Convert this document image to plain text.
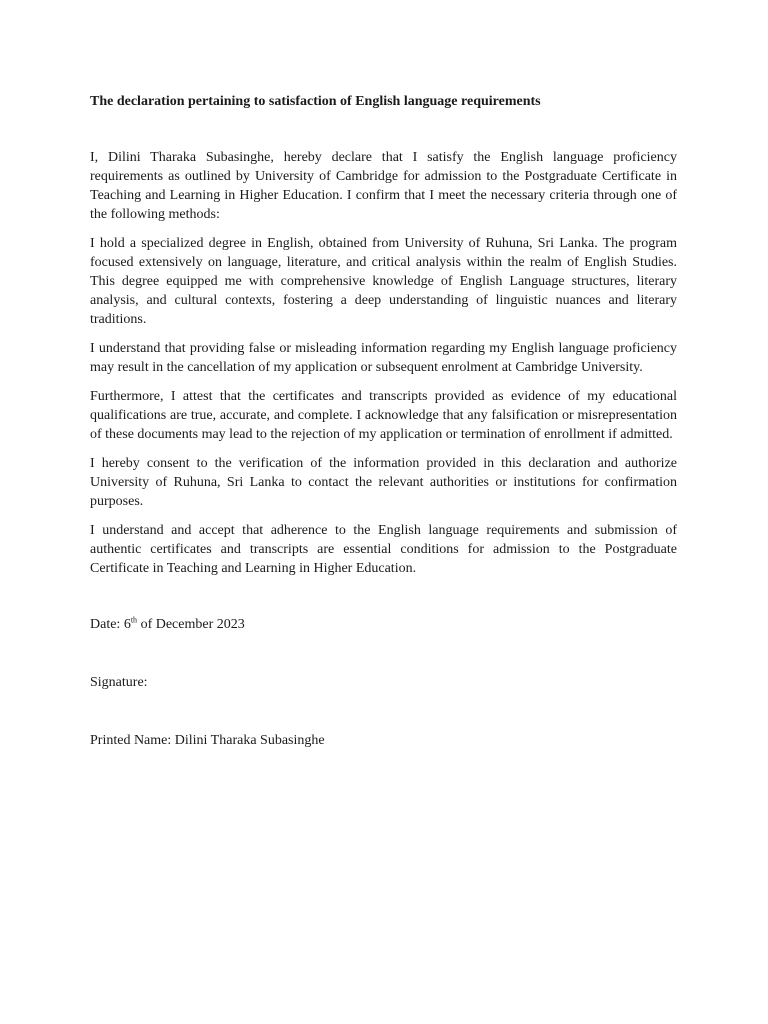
The declaration pertaining to satisfaction of English language requirements

I, Dilini Tharaka Subasinghe, hereby declare that I satisfy the English language proficiency requirements as outlined by University of Cambridge for admission to the Postgraduate Certificate in Teaching and Learning in Higher Education. I confirm that I meet the necessary criteria through one of the following methods:

I hold a specialized degree in English, obtained from University of Ruhuna, Sri Lanka. The program focused extensively on language, literature, and critical analysis within the realm of English Studies. This degree equipped me with comprehensive knowledge of English Language structures, literary analysis, and cultural contexts, fostering a deep understanding of linguistic nuances and literary traditions.

I understand that providing false or misleading information regarding my English language proficiency may result in the cancellation of my application or subsequent enrolment at Cambridge University.

Furthermore, I attest that the certificates and transcripts provided as evidence of my educational qualifications are true, accurate, and complete. I acknowledge that any falsification or misrepresentation of these documents may lead to the rejection of my application or termination of enrollment if admitted.

I hereby consent to the verification of the information provided in this declaration and authorize University of Ruhuna, Sri Lanka to contact the relevant authorities or institutions for confirmation purposes.

I understand and accept that adherence to the English language requirements and submission of authentic certificates and transcripts are essential conditions for admission to the Postgraduate Certificate in Teaching and Learning in Higher Education.

Date: 6th of December 2023

Signature:

Printed Name: Dilini Tharaka Subasinghe
